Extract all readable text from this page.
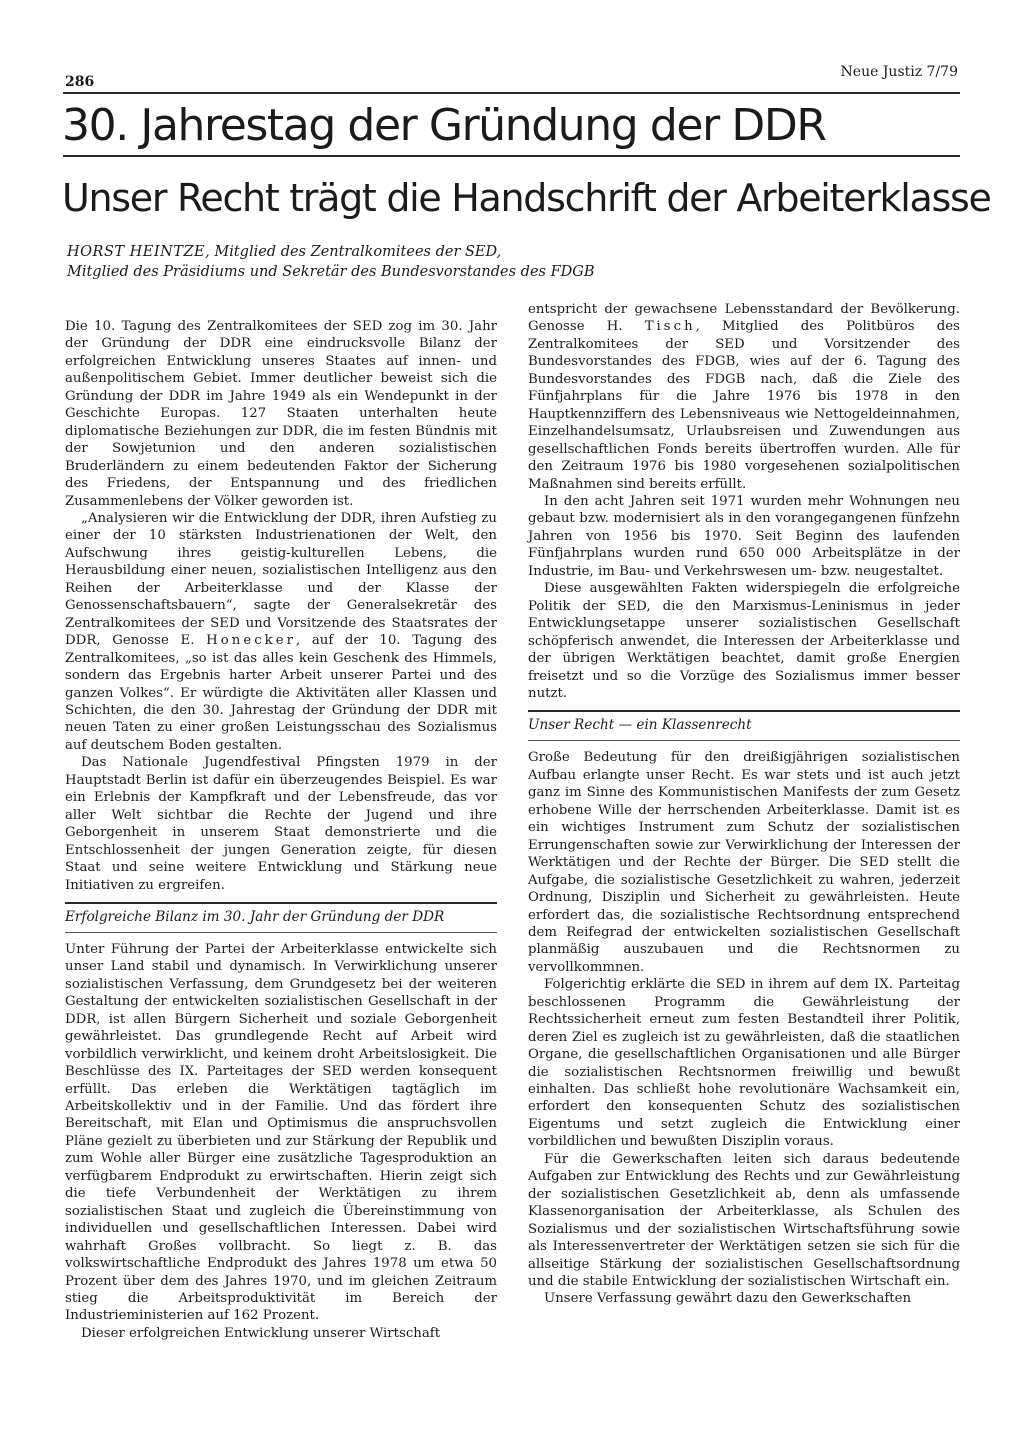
286
Neue Justiz 7/79
30. Jahrestag der Gründung der DDR
Unser Recht trägt die Handschrift der Arbeiterklasse
HORST HEINTZE, Mitglied des Zentralkomitees der SED,
Mitglied des Präsidiums und Sekretär des Bundesvorstandes des FDGB

Die 10. Tagung des Zentralkomitees der SED zog im 30. Jahr der Gründung der DDR eine eindrucksvolle Bilanz der erfolgreichen Entwicklung unseres Staates auf innen- und außenpolitischem Gebiet. Immer deutlicher beweist sich die Gründung der DDR im Jahre 1949 als ein Wendepunkt in der Geschichte Europas. 127 Staaten unterhalten heute diplomatische Beziehungen zur DDR, die im festen Bündnis mit der Sowjetunion und den anderen sozialistischen Bruderländern zu einem bedeutenden Faktor der Sicherung des Friedens, der Entspannung und des friedlichen Zusammenlebens der Völker geworden ist.

„Analysieren wir die Entwicklung der DDR, ihren Aufstieg zu einer der 10 stärksten Industrienationen der Welt, den Aufschwung ihres geistig-kulturellen Lebens, die Herausbildung einer neuen, sozialistischen Intelligenz aus den Reihen der Arbeiterklasse und der Klasse der Genossenschaftsbauern“, sagte der Generalsekretär des Zentralkomitees der SED und Vorsitzende des Staatsrates der DDR, Genosse E. Honecker, auf der 10. Tagung des Zentralkomitees, „so ist das alles kein Geschenk des Himmels, sondern das Ergebnis harter Arbeit unserer Partei und des ganzen Volkes“. Er würdigte die Aktivitäten aller Klassen und Schichten, die den 30. Jahrestag der Gründung der DDR mit neuen Taten zu einer großen Leistungsschau des Sozialismus auf deutschem Boden gestalten.

Das Nationale Jugendfestival Pfingsten 1979 in der Hauptstadt Berlin ist dafür ein überzeugendes Beispiel. Es war ein Erlebnis der Kampfkraft und der Lebensfreude, das vor aller Welt sichtbar die Rechte der Jugend und ihre Geborgenheit in unserem Staat demonstrierte und die Entschlossenheit der jungen Generation zeigte, für diesen Staat und seine weitere Entwicklung und Stärkung neue Initiativen zu ergreifen.

Erfolgreiche Bilanz im 30. Jahr der Gründung der DDR

Unter Führung der Partei der Arbeiterklasse entwickelte sich unser Land stabil und dynamisch. In Verwirklichung unserer sozialistischen Verfassung, dem Grundgesetz bei der weiteren Gestaltung der entwickelten sozialistischen Gesellschaft in der DDR, ist allen Bürgern Sicherheit und soziale Geborgenheit gewährleistet. Das grundlegende Recht auf Arbeit wird vorbildlich verwirklicht, und keinem droht Arbeitslosigkeit. Die Beschlüsse des IX. Parteitages der SED werden konsequent erfüllt. Das erleben die Werktätigen tagtäglich im Arbeitskollektiv und in der Familie. Und das fördert ihre Bereitschaft, mit Elan und Optimismus die anspruchsvollen Pläne gezielt zu überbieten und zur Stärkung der Republik und zum Wohle aller Bürger eine zusätzliche Tagesproduktion an verfügbarem Endprodukt zu erwirtschaften. Hierin zeigt sich die tiefe Verbundenheit der Werktätigen zu ihrem sozialistischen Staat und zugleich die Übereinstimmung von individuellen und gesellschaftlichen Interessen. Dabei wird wahrhaft Großes vollbracht. So liegt z. B. das volkswirtschaftliche Endprodukt des Jahres 1978 um etwa 50 Prozent über dem des Jahres 1970, und im gleichen Zeitraum stieg die Arbeitsproduktivität im Bereich der Industrieministerien auf 162 Prozent.

Dieser erfolgreichen Entwicklung unserer Wirtschaft

entspricht der gewachsene Lebensstandard der Bevölkerung. Genosse H. Tisch, Mitglied des Politbüros des Zentralkomitees der SED und Vorsitzender des Bundesvorstandes des FDGB, wies auf der 6. Tagung des Bundesvorstandes des FDGB nach, daß die Ziele des Fünfjahrplans für die Jahre 1976 bis 1978 in den Hauptkennziffern des Lebensniveaus wie Nettogeldeinnahmen, Einzelhandelsumsatz, Urlaubsreisen und Zuwendungen aus gesellschaftlichen Fonds bereits übertroffen wurden. Alle für den Zeitraum 1976 bis 1980 vorgesehenen sozialpolitischen Maßnahmen sind bereits erfüllt.

In den acht Jahren seit 1971 wurden mehr Wohnungen neu gebaut bzw. modernisiert als in den vorangegangenen fünfzehn Jahren von 1956 bis 1970. Seit Beginn des laufenden Fünfjahrplans wurden rund 650 000 Arbeitsplätze in der Industrie, im Bau- und Verkehrswesen um- bzw. neugestaltet.

Diese ausgewählten Fakten widerspiegeln die erfolgreiche Politik der SED, die den Marxismus-Leninismus in jeder Entwicklungsetappe unserer sozialistischen Gesellschaft schöpferisch anwendet, die Interessen der Arbeiterklasse und der übrigen Werktätigen beachtet, damit große Energien freisetzt und so die Vorzüge des Sozialismus immer besser nutzt.

Unser Recht — ein Klassenrecht

Große Bedeutung für den dreißigjährigen sozialistischen Aufbau erlangte unser Recht. Es war stets und ist auch jetzt ganz im Sinne des Kommunistischen Manifests der zum Gesetz erhobene Wille der herrschenden Arbeiterklasse. Damit ist es ein wichtiges Instrument zum Schutz der sozialistischen Errungenschaften sowie zur Verwirklichung der Interessen der Werktätigen und der Rechte der Bürger. Die SED stellt die Aufgabe, die sozialistische Gesetzlichkeit zu wahren, jederzeit Ordnung, Disziplin und Sicherheit zu gewährleisten. Heute erfordert das, die sozialistische Rechtsordnung entsprechend dem Reifegrad der entwickelten sozialistischen Gesellschaft planmäßig auszubauen und die Rechtsnormen zu vervollkommnen.

Folgerichtig erklärte die SED in ihrem auf dem IX. Parteitag beschlossenen Programm die Gewährleistung der Rechtssicherheit erneut zum festen Bestandteil ihrer Politik, deren Ziel es zugleich ist zu gewährleisten, daß die staatlichen Organe, die gesellschaftlichen Organisationen und alle Bürger die sozialistischen Rechtsnormen freiwillig und bewußt einhalten. Das schließt hohe revolutionäre Wachsamkeit ein, erfordert den konsequenten Schutz des sozialistischen Eigentums und setzt zugleich die Entwicklung einer vorbildlichen und bewußten Disziplin voraus.

Für die Gewerkschaften leiten sich daraus bedeutende Aufgaben zur Entwicklung des Rechts und zur Gewährleistung der sozialistischen Gesetzlichkeit ab, denn als umfassende Klassenorganisation der Arbeiterklasse, als Schulen des Sozialismus und der sozialistischen Wirtschaftsführung sowie als Interessenvertreter der Werktätigen setzen sie sich für die allseitige Stärkung der sozialistischen Gesellschaftsordnung und die stabile Entwicklung der sozialistischen Wirtschaft ein.

Unsere Verfassung gewährt dazu den Gewerkschaften
